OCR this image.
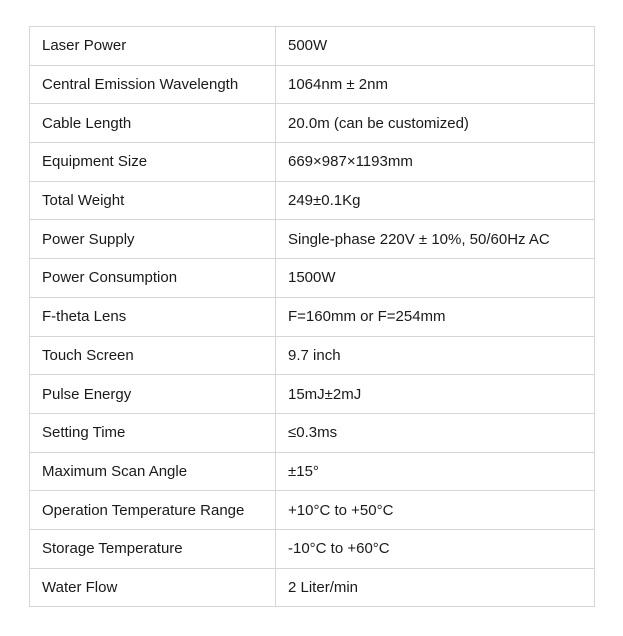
Laser Power	500W
Central Emission Wavelength	1064nm ± 2nm
Cable Length	20.0m (can be customized)
Equipment Size	669×987×1193mm
Total Weight	249±0.1Kg
Power Supply	Single-phase 220V ± 10%, 50/60Hz AC
Power Consumption	1500W
F-theta Lens	F=160mm or F=254mm
Touch Screen	9.7 inch
Pulse Energy	15mJ±2mJ
Setting Time	≤0.3ms
Maximum Scan Angle	±15°
Operation Temperature Range	+10°C to +50°C
Storage Temperature	-10°C to +60°C
Water Flow	2 Liter/min
